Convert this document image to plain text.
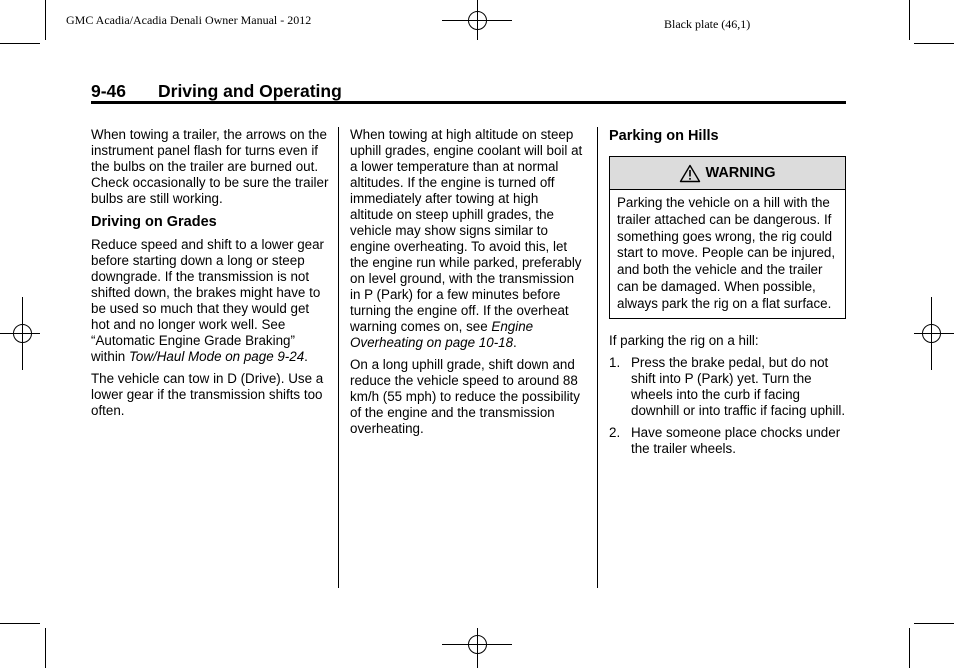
GMC Acadia/Acadia Denali Owner Manual - 2012	Black plate (46,1)
9-46 Driving and Operating

When towing a trailer, the arrows on the instrument panel flash for turns even if the bulbs on the trailer are burned out. Check occasionally to be sure the trailer bulbs are still working.

Driving on Grades

Reduce speed and shift to a lower gear before starting down a long or steep downgrade. If the transmission is not shifted down, the brakes might have to be used so much that they would get hot and no longer work well. See “Automatic Engine Grade Braking” within Tow/Haul Mode on page 9-24.

The vehicle can tow in D (Drive). Use a lower gear if the transmission shifts too often.

When towing at high altitude on steep uphill grades, engine coolant will boil at a lower temperature than at normal altitudes. If the engine is turned off immediately after towing at high altitude on steep uphill grades, the vehicle may show signs similar to engine overheating. To avoid this, let the engine run while parked, preferably on level ground, with the transmission in P (Park) for a few minutes before turning the engine off. If the overheat warning comes on, see Engine Overheating on page 10-18.

On a long uphill grade, shift down and reduce the vehicle speed to around 88 km/h (55 mph) to reduce the possibility of the engine and the transmission overheating.

Parking on Hills
WARNING
Parking the vehicle on a hill with the trailer attached can be dangerous. If something goes wrong, the rig could start to move. People can be injured, and both the vehicle and the trailer can be damaged. When possible, always park the rig on a flat surface.

If parking the rig on a hill:

1. Press the brake pedal, but do not shift into P (Park) yet. Turn the wheels into the curb if facing downhill or into traffic if facing uphill.
2. Have someone place chocks under the trailer wheels.
